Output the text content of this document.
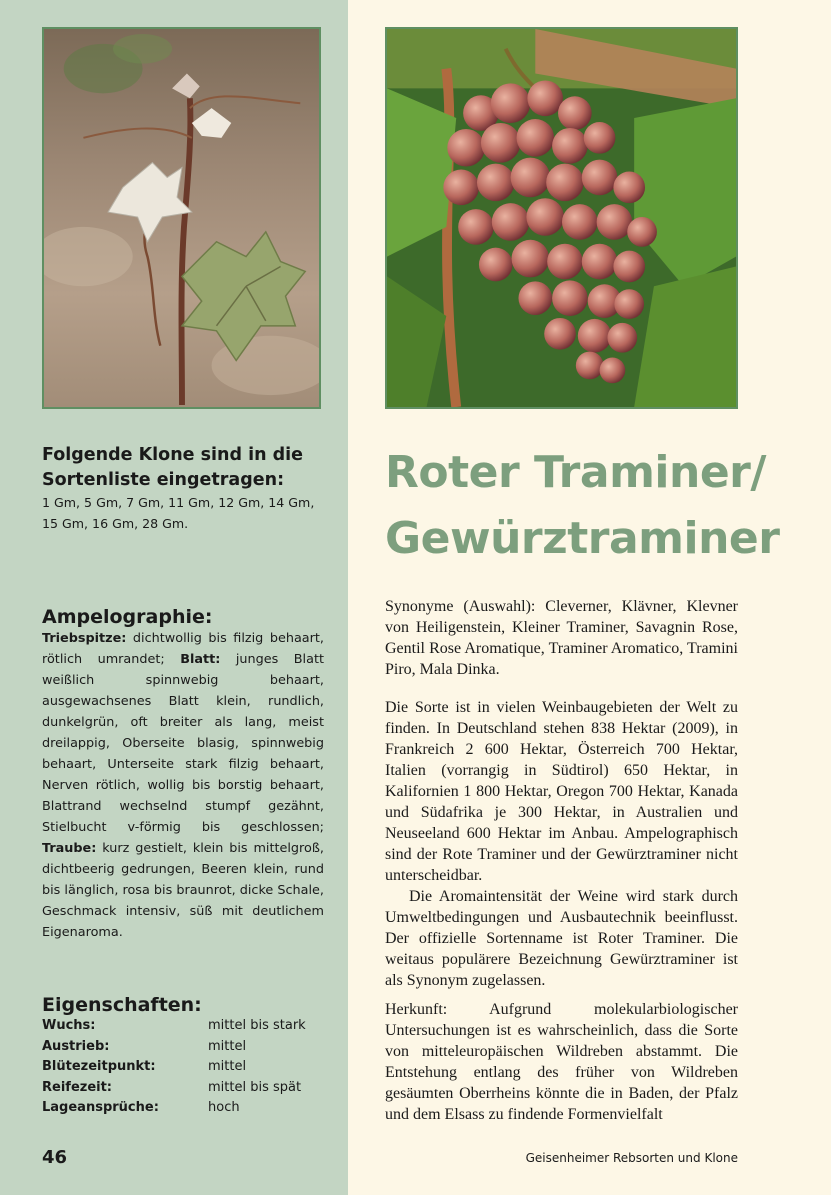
Folgende Klone sind in die
Sortenliste eingetragen:
1 Gm, 5 Gm, 7 Gm, 11 Gm, 12 Gm, 14 Gm, 15 Gm, 16 Gm, 28 Gm.
Ampelographie:
Triebspitze: dichtwollig bis filzig behaart, rötlich umrandet; Blatt: junges Blatt weißlich spinnwebig behaart, ausgewachsenes Blatt klein, rundlich, dunkelgrün, oft breiter als lang, meist dreilappig, Oberseite blasig, spinnwebig behaart, Unterseite stark filzig behaart, Nerven rötlich, wollig bis borstig behaart, Blattrand wechselnd stumpf gezähnt, Stielbucht v-förmig bis geschlossen; Traube: kurz gestielt, klein bis mittelgroß, dichtbeerig gedrungen, Beeren klein, rund bis länglich, rosa bis braunrot, dicke Schale, Geschmack intensiv, süß mit deutlichem Eigenaroma.
Eigenschaften:
Wuchs:	mittel bis stark
Austrieb:	mittel
Blütezeitpunkt:	mittel
Reifezeit:	mittel bis spät
Lageansprüche:	hoch
46
Roter Traminer/
Gewürztraminer

Synonyme (Auswahl): Cleverner, Klävner, Klevner von Heiligenstein, Kleiner Traminer, Savagnin Rose, Gentil Rose Aromatique, Traminer Aromatico, Tramini Piro, Mala Dinka.

Die Sorte ist in vielen Weinbaugebieten der Welt zu finden. In Deutschland stehen 838 Hektar (2009), in Frankreich 2 600 Hektar, Österreich 700 Hektar, Italien (vorrangig in Südtirol) 650 Hektar, in Kalifornien 1 800 Hektar, Oregon 700 Hektar, Kanada und Südafrika je 300 Hektar, in Australien und Neuseeland 600 Hektar im Anbau. Ampelographisch sind der Rote Traminer und der Gewürztraminer nicht unterscheidbar.

Die Aromaintensität der Weine wird stark durch Umweltbedingungen und Ausbautechnik beeinflusst. Der offizielle Sortenname ist Roter Traminer. Die weitaus populärere Bezeichnung Gewürztraminer ist als Synonym zugelassen.

Herkunft: Aufgrund molekularbiologischer Untersuchungen ist es wahrscheinlich, dass die Sorte von mitteleuropäischen Wildreben abstammt. Die Entstehung entlang des früher von Wildreben gesäumten Oberrheins könnte die in Baden, der Pfalz und dem Elsass zu findende Formenvielfalt

Geisenheimer Rebsorten und Klone
